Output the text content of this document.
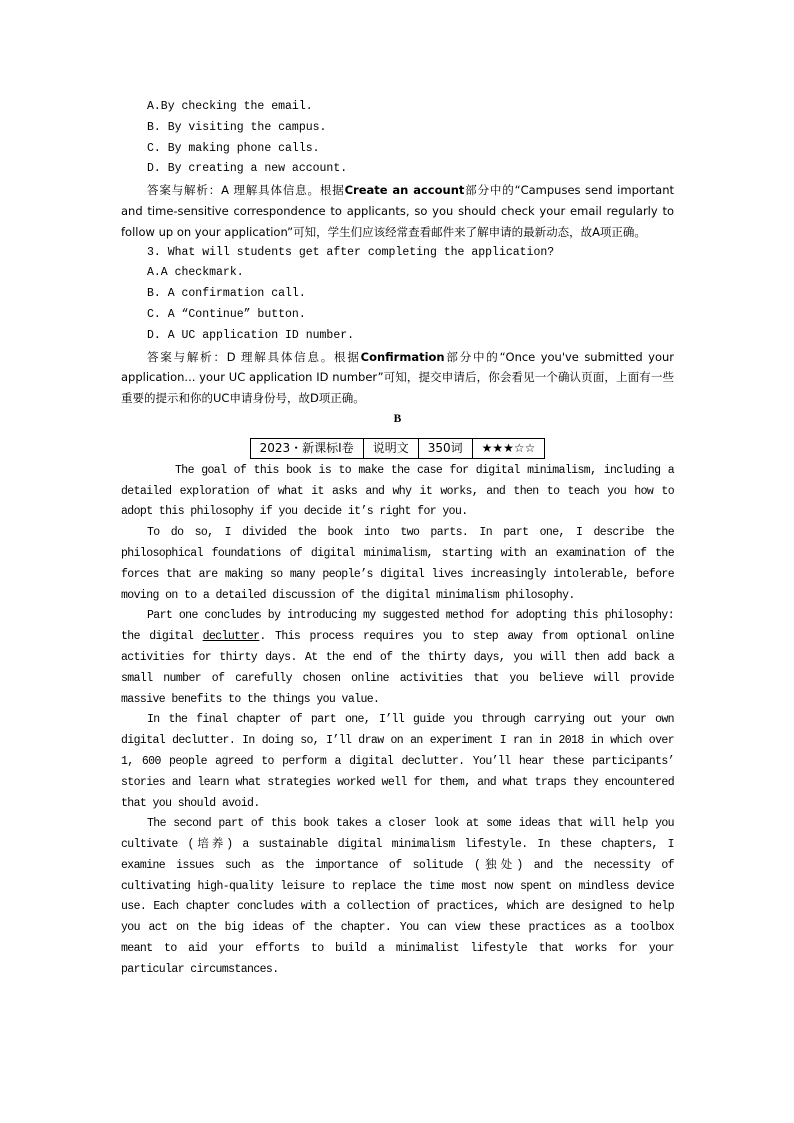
A.By checking the email.
B. By visiting the campus.
C. By making phone calls.
D. By creating a new account.

答案与解析：A 理解具体信息。根据Create an account部分中的“Campuses send important and time-sensitive correspondence to applicants, so you should check your email regularly to follow up on your application”可知，学生们应该经常查看邮件来了解申请的最新动态，故A项正确。

3. What will students get after completing the application?
A.A checkmark.
B. A confirmation call.
C. A “Continue” button.
D. A UC application ID number.

答案与解析：D 理解具体信息。根据Confirmation部分中的“Once you've submitted your application... your UC application ID number”可知，提交申请后，你会看见一个确认页面，上面有一些重要的提示和你的UC申请身份号，故D项正确。

B
2023・新课标Ⅰ卷	说明文	350词	★★★☆☆

The goal of this book is to make the case for digital minimalism, including a detailed exploration of what it asks and why it works, and then to teach you how to adopt this philosophy if you decide it’s right for you.

To do so, I divided the book into two parts. In part one, I describe the philosophical foundations of digital minimalism, starting with an examination of the forces that are making so many people’s digital lives increasingly intolerable, before moving on to a detailed discussion of the digital minimalism philosophy.

Part one concludes by introducing my suggested method for adopting this philosophy: the digital declutter. This process requires you to step away from optional online activities for thirty days. At the end of the thirty days, you will then add back a small number of carefully chosen online activities that you believe will provide massive benefits to the things you value.

In the final chapter of part one, I’ll guide you through carrying out your own digital declutter. In doing so, I’ll draw on an experiment I ran in 2018 in which over 1, 600 people agreed to perform a digital declutter. You’ll hear these participants’ stories and learn what strategies worked well for them, and what traps they encountered that you should avoid.

The second part of this book takes a closer look at some ideas that will help you cultivate (培养) a sustainable digital minimalism lifestyle. In these chapters, I examine issues such as the importance of solitude (独处) and the necessity of cultivating high-quality leisure to replace the time most now spent on mindless device use. Each chapter concludes with a collection of practices, which are designed to help you act on the big ideas of the chapter. You can view these practices as a toolbox meant to aid your efforts to build a minimalist lifestyle that works for your particular circumstances.
